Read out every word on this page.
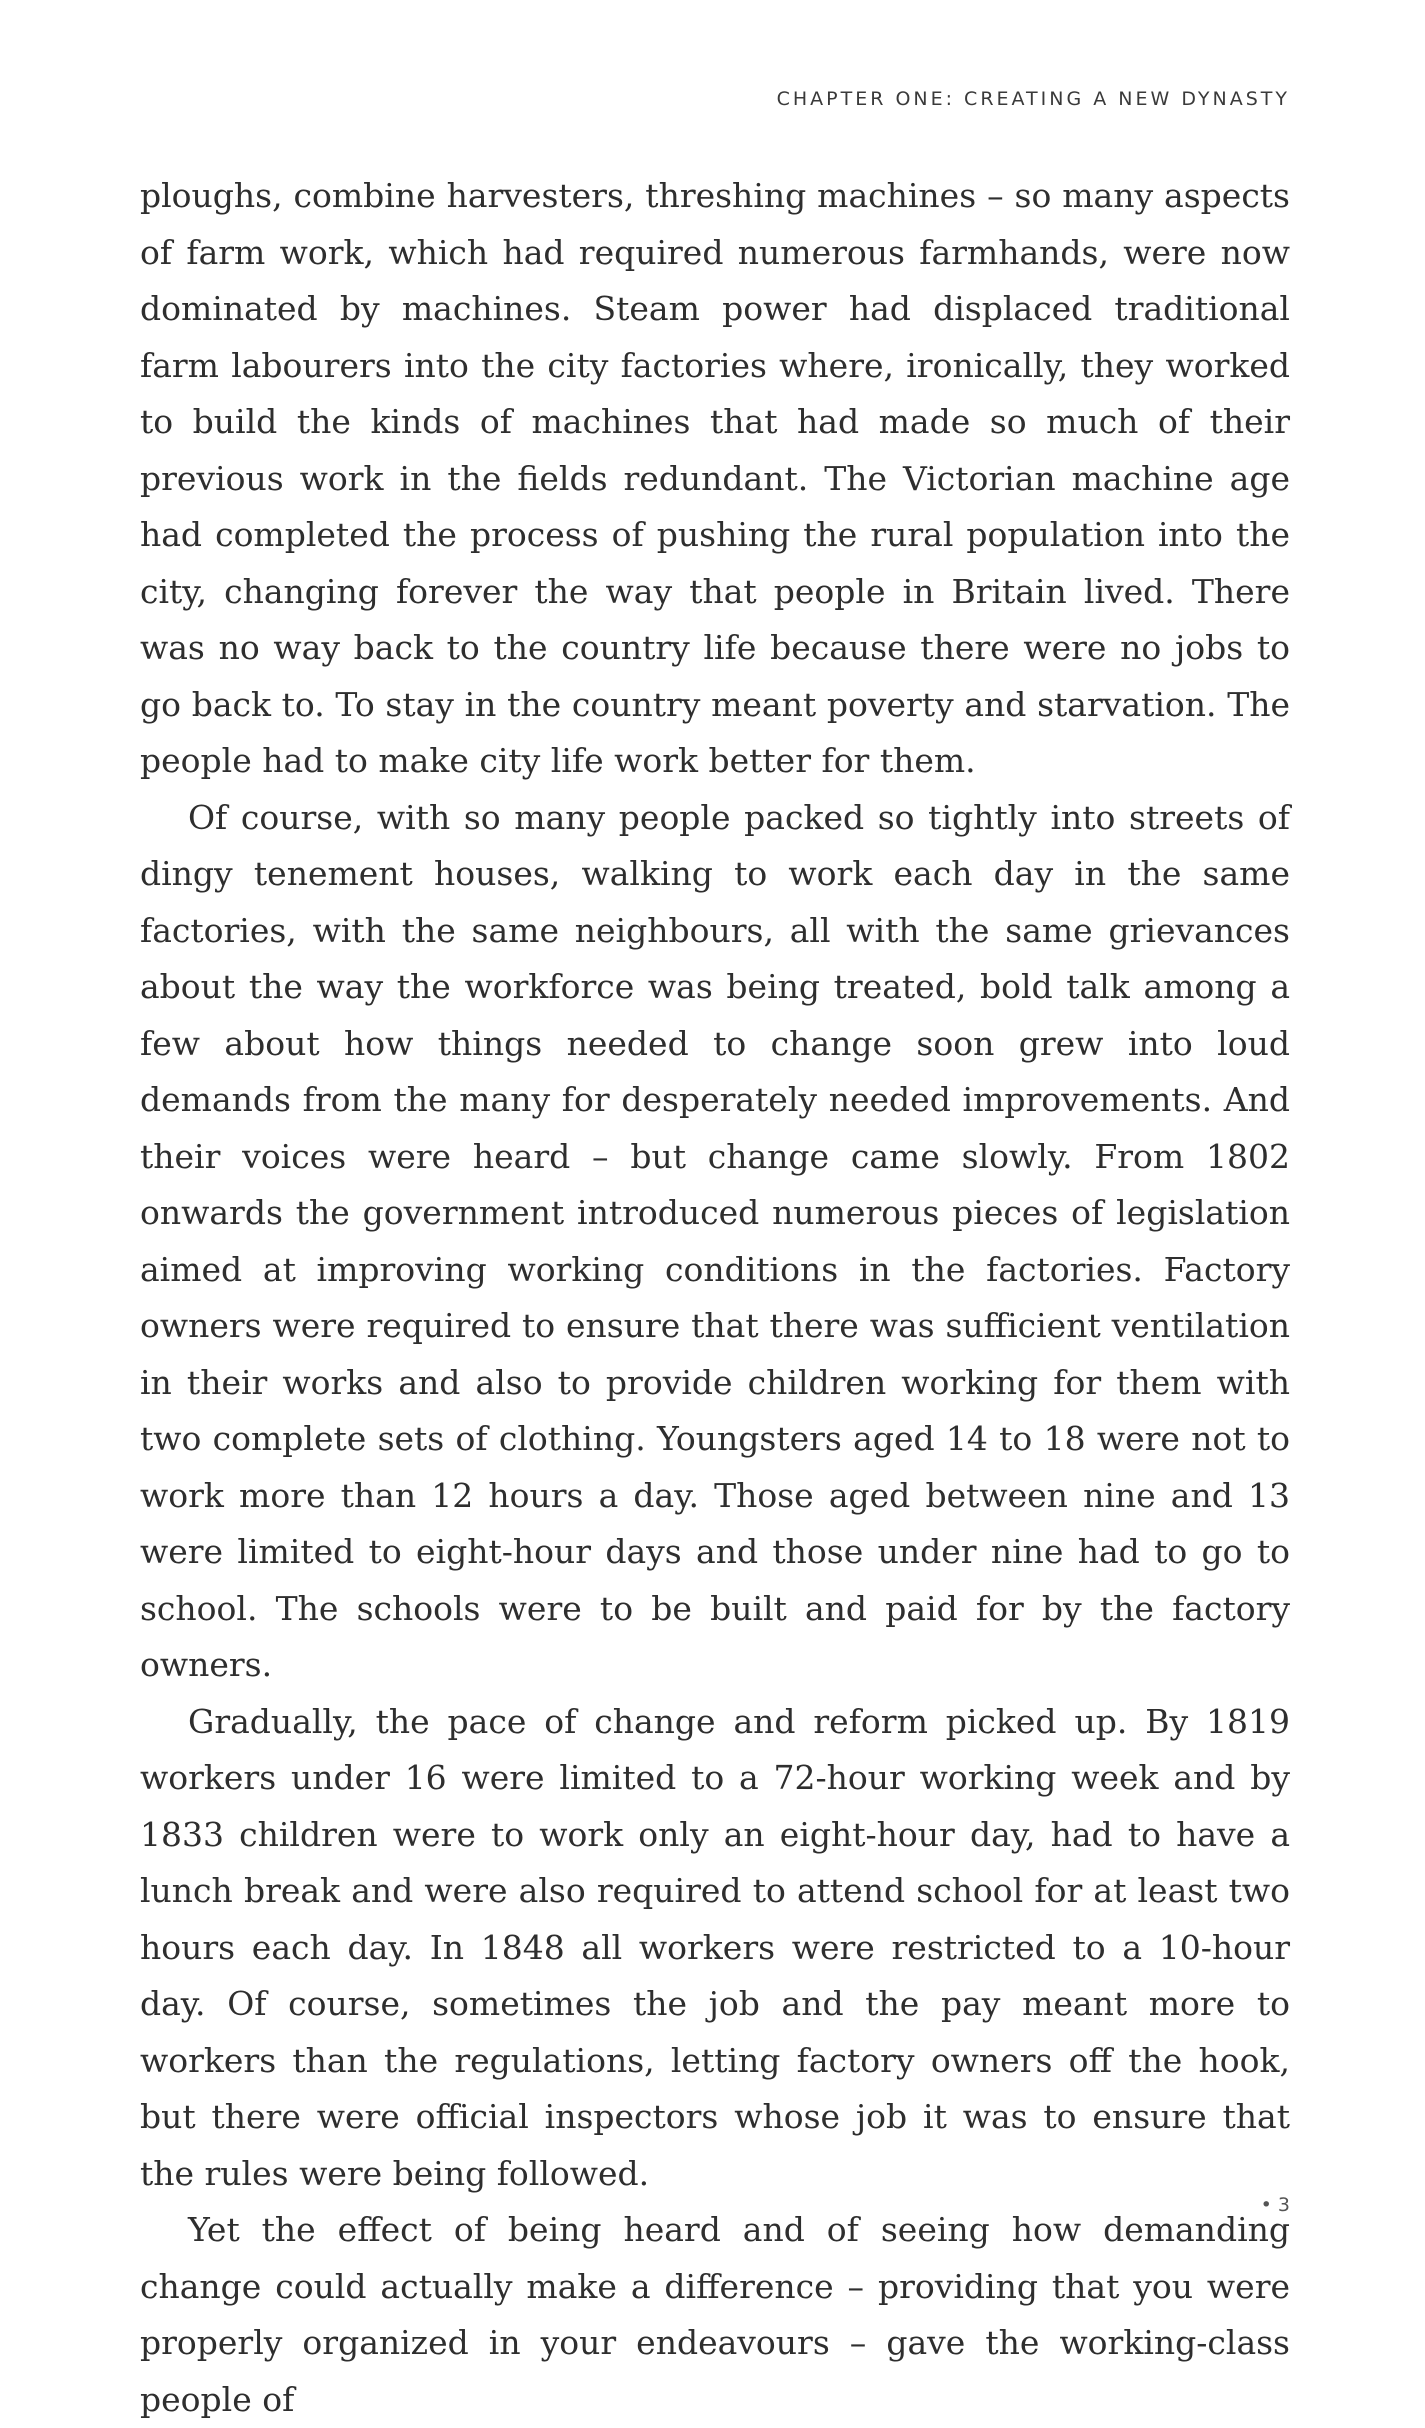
CHAPTER ONE: CREATING A NEW DYNASTY

ploughs, combine harvesters, threshing machines – so many aspects of farm work, which had required numerous farmhands, were now dominated by machines. Steam power had displaced traditional farm labourers into the city factories where, ironically, they worked to build the kinds of machines that had made so much of their previous work in the fields redundant. The Victorian machine age had completed the process of pushing the rural population into the city, changing forever the way that people in Britain lived. There was no way back to the country life because there were no jobs to go back to. To stay in the country meant poverty and starvation. The people had to make city life work better for them.

Of course, with so many people packed so tightly into streets of dingy tenement houses, walking to work each day in the same factories, with the same neighbours, all with the same grievances about the way the workforce was being treated, bold talk among a few about how things needed to change soon grew into loud demands from the many for desperately needed improvements. And their voices were heard – but change came slowly. From 1802 onwards the government introduced numerous pieces of legislation aimed at improving working conditions in the factories. Factory owners were required to ensure that there was sufficient ventilation in their works and also to provide children working for them with two complete sets of clothing. Youngsters aged 14 to 18 were not to work more than 12 hours a day. Those aged between nine and 13 were limited to eight-hour days and those under nine had to go to school. The schools were to be built and paid for by the factory owners.

Gradually, the pace of change and reform picked up. By 1819 workers under 16 were limited to a 72-hour working week and by 1833 children were to work only an eight-hour day, had to have a lunch break and were also required to attend school for at least two hours each day. In 1848 all workers were restricted to a 10-hour day. Of course, sometimes the job and the pay meant more to workers than the regulations, letting factory owners off the hook, but there were official inspectors whose job it was to ensure that the rules were being followed.

Yet the effect of being heard and of seeing how demanding change could actually make a difference – providing that you were properly organized in your endeavours – gave the working-class people of

• 3
